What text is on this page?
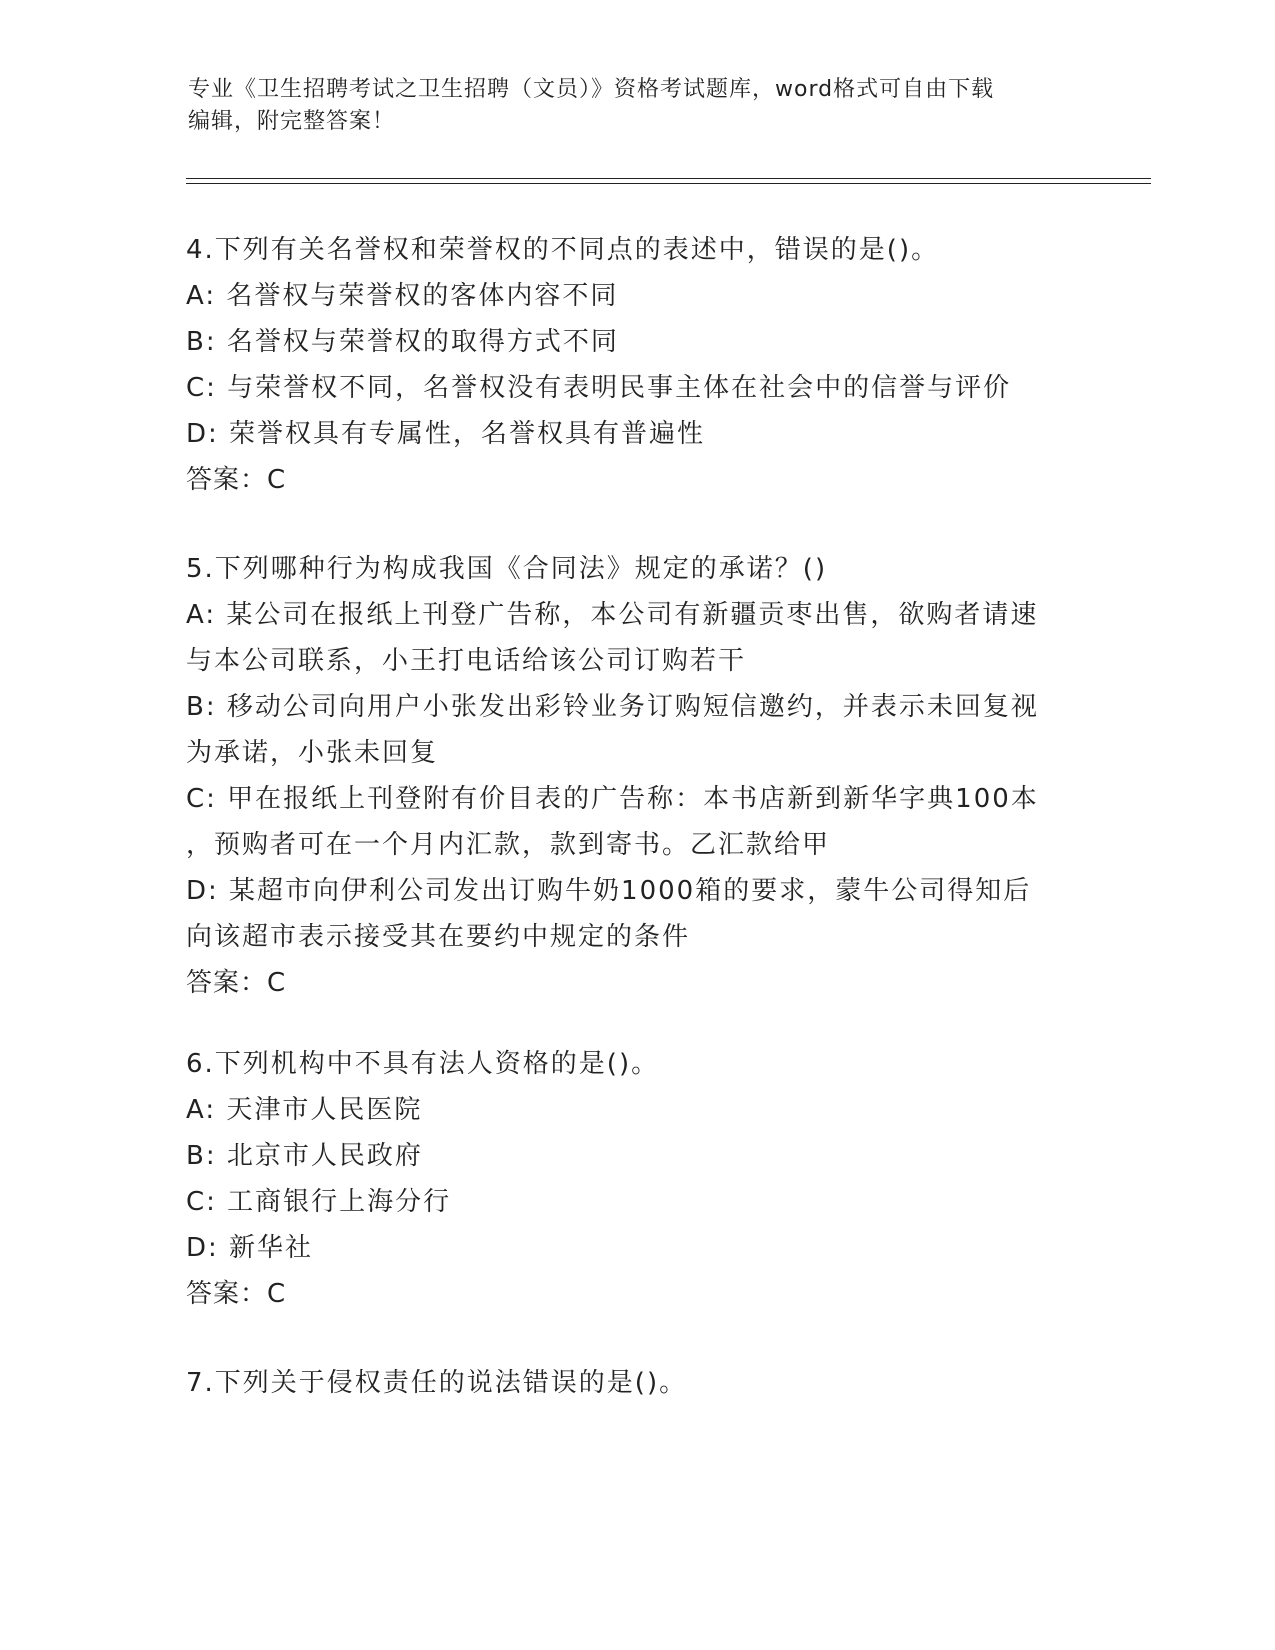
专业《卫生招聘考试之卫生招聘（文员）》资格考试题库，word格式可自由下载
编辑，附完整答案！
4.下列有关名誉权和荣誉权的不同点的表述中，错误的是()。
A: 名誉权与荣誉权的客体内容不同
B: 名誉权与荣誉权的取得方式不同
C: 与荣誉权不同，名誉权没有表明民事主体在社会中的信誉与评价
D: 荣誉权具有专属性，名誉权具有普遍性
答案：C
5.下列哪种行为构成我国《合同法》规定的承诺？()
A: 某公司在报纸上刊登广告称，本公司有新疆贡枣出售，欲购者请速
与本公司联系，小王打电话给该公司订购若干
B: 移动公司向用户小张发出彩铃业务订购短信邀约，并表示未回复视
为承诺，小张未回复
C: 甲在报纸上刊登附有价目表的广告称：本书店新到新华字典100本
，预购者可在一个月内汇款，款到寄书。乙汇款给甲
D: 某超市向伊利公司发出订购牛奶1000箱的要求，蒙牛公司得知后
向该超市表示接受其在要约中规定的条件
答案：C
6.下列机构中不具有法人资格的是()。
A: 天津市人民医院
B: 北京市人民政府
C: 工商银行上海分行
D: 新华社
答案：C
7.下列关于侵权责任的说法错误的是()。
